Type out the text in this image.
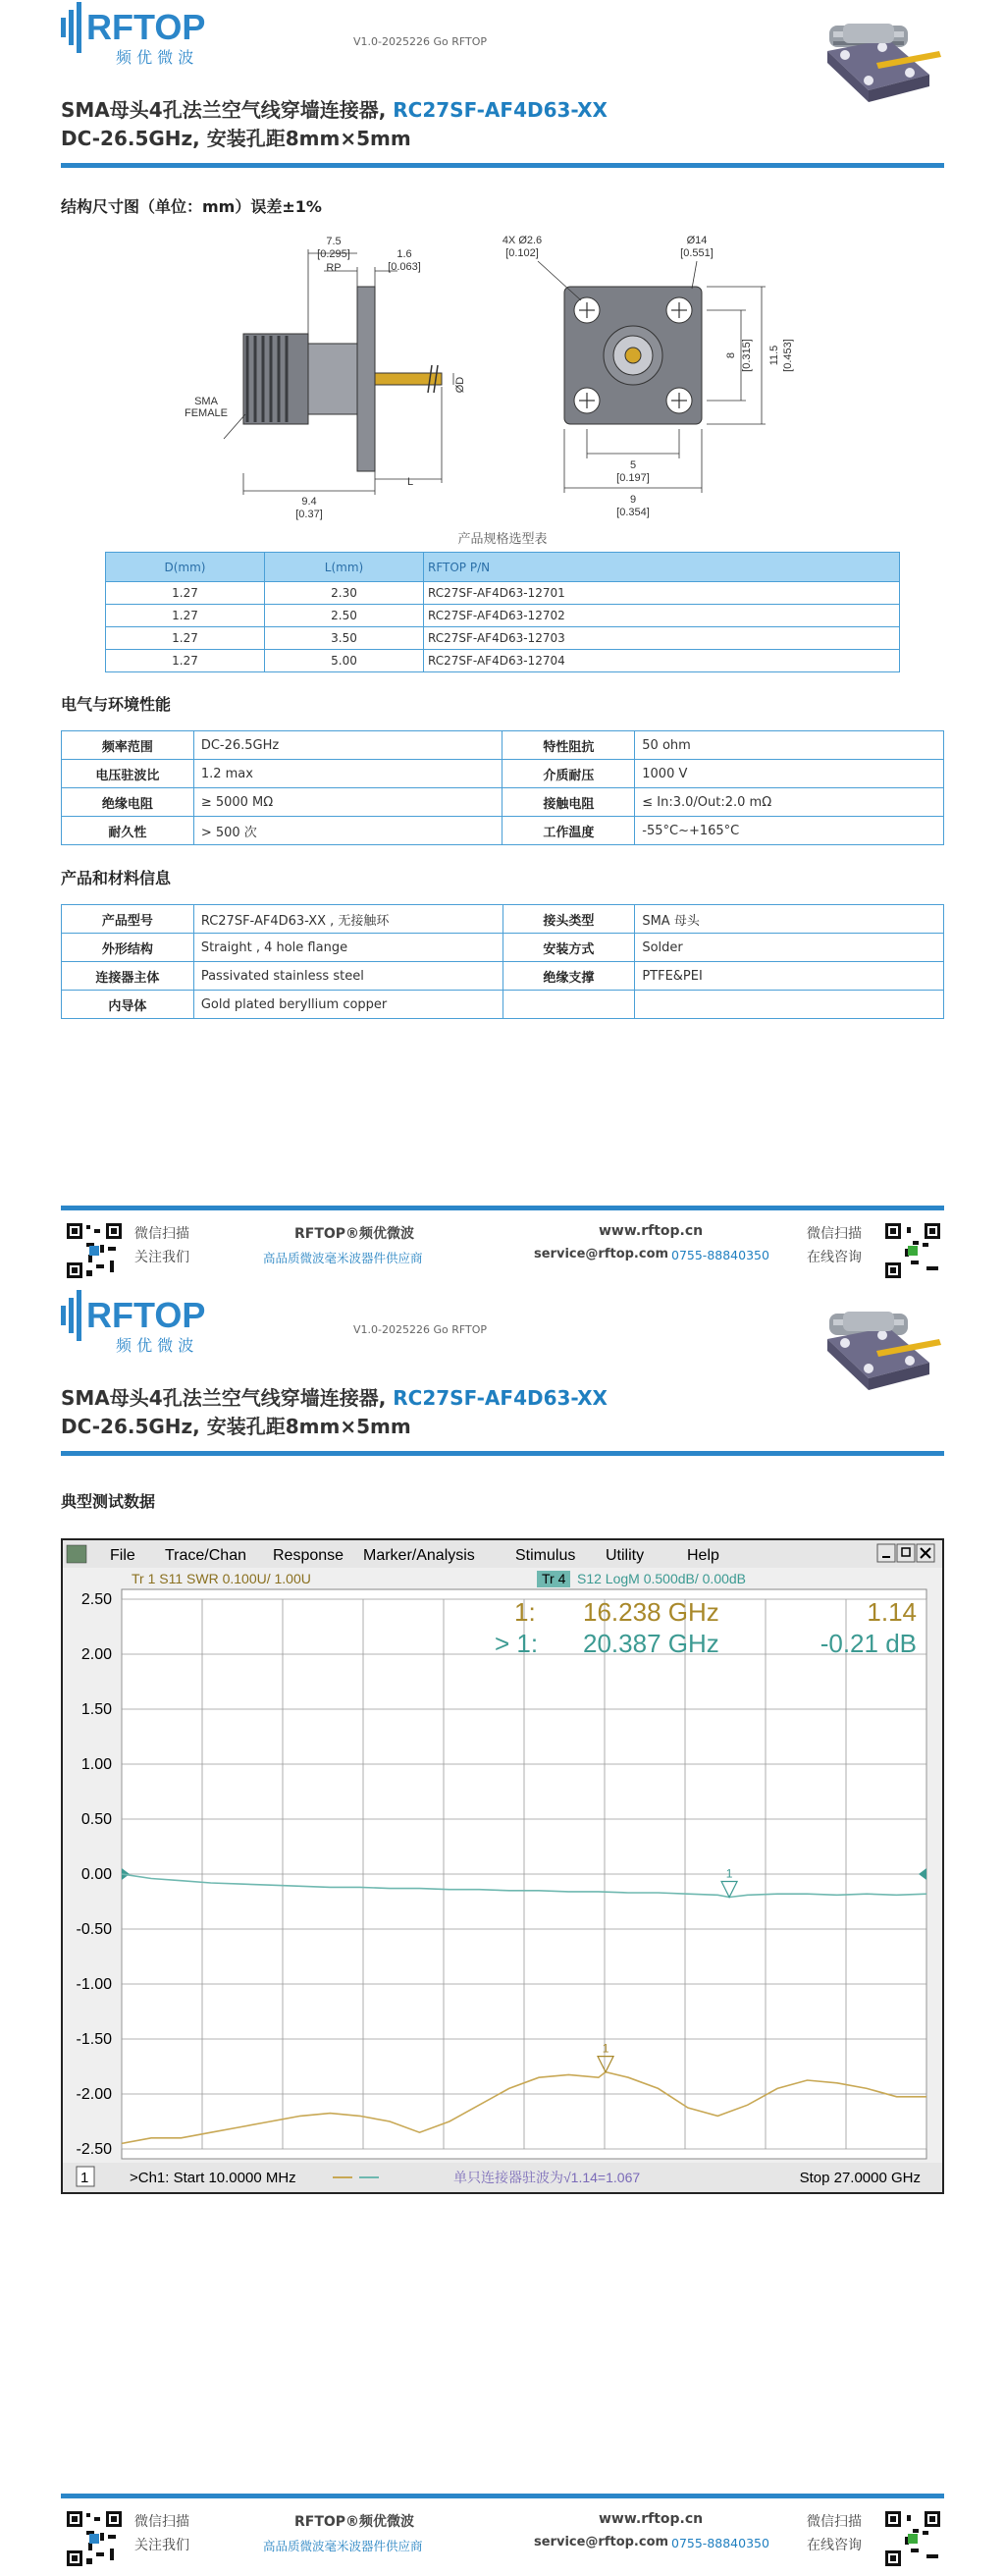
RFTOP
频 优 微 波
V1.0-2025226 Go RFTOP
SMA母头4孔法兰空气线穿墙连接器, RC27SF-AF4D63-XX
DC-26.5GHz, 安装孔距8mm×5mm
结构尺寸图（单位：mm）误差±1%
7.5
[0.295]
RP
1.6
[0.063]
ØD
SMA
FEMALE
9.4
[0.37]
L
4X Ø2.6
[0.102]
Ø14
[0.551]
8 [0.315] 11.5 [0.453]
5
[0.197]
9
[0.354]
产品规格选型表
D(mm)	L(mm)	RFTOP P/N
1.27	2.30	RC27SF-AF4D63-12701
1.27	2.50	RC27SF-AF4D63-12702
1.27	3.50	RC27SF-AF4D63-12703
1.27	5.00	RC27SF-AF4D63-12704
电气与环境性能
频率范围	DC-26.5GHz	特性阻抗	50 ohm
电压驻波比	1.2 max	介质耐压	1000 V
绝缘电阻	≥ 5000 MΩ	接触电阻	≤ In:3.0/Out:2.0 mΩ
耐久性	> 500 次	工作温度	-55°C~+165°C
产品和材料信息
产品型号	RC27SF-AF4D63-XX , 无接触环	接头类型	SMA 母头
外形结构	Straight , 4 hole flange	安装方式	Solder
连接器主体	Passivated stainless steel	绝缘支撑	PTFE&PEI
内导体	Gold plated beryllium copper		
微信扫描
关注我们
RFTOP®频优微波
高品质微波毫米波器件供应商
www.rftop.cn
service@rftop.com 0755-88840350
微信扫描
在线咨询
RFTOP
频 优 微 波
V1.0-2025226 Go RFTOP
SMA母头4孔法兰空气线穿墙连接器, RC27SF-AF4D63-XX
DC-26.5GHz, 安装孔距8mm×5mm
典型测试数据
微信扫描
关注我们
RFTOP®频优微波
高品质微波毫米波器件供应商
www.rftop.cn
service@rftop.com 0755-88840350
微信扫描
在线咨询
File Trace/Chan Response Marker/Analysis	Stimulus Utility	Help
Tr 1 S11 SWR 0.100U/ 1.00U	Tr 4 S12 LogM 0.500dB/ 0.00dB
2.50
2.00
1.50
1.00
0.50
0.00
-0.50
-1.00
-1.50
-2.00
-2.50
1: 16.238 GHz	1.14
> 1: 20.387 GHz	-0.21 dB
1
1
1	>Ch1: Start 10.0000 MHz	单只连接器驻波为√1.14=1.067	Stop 27.0000 GHz
